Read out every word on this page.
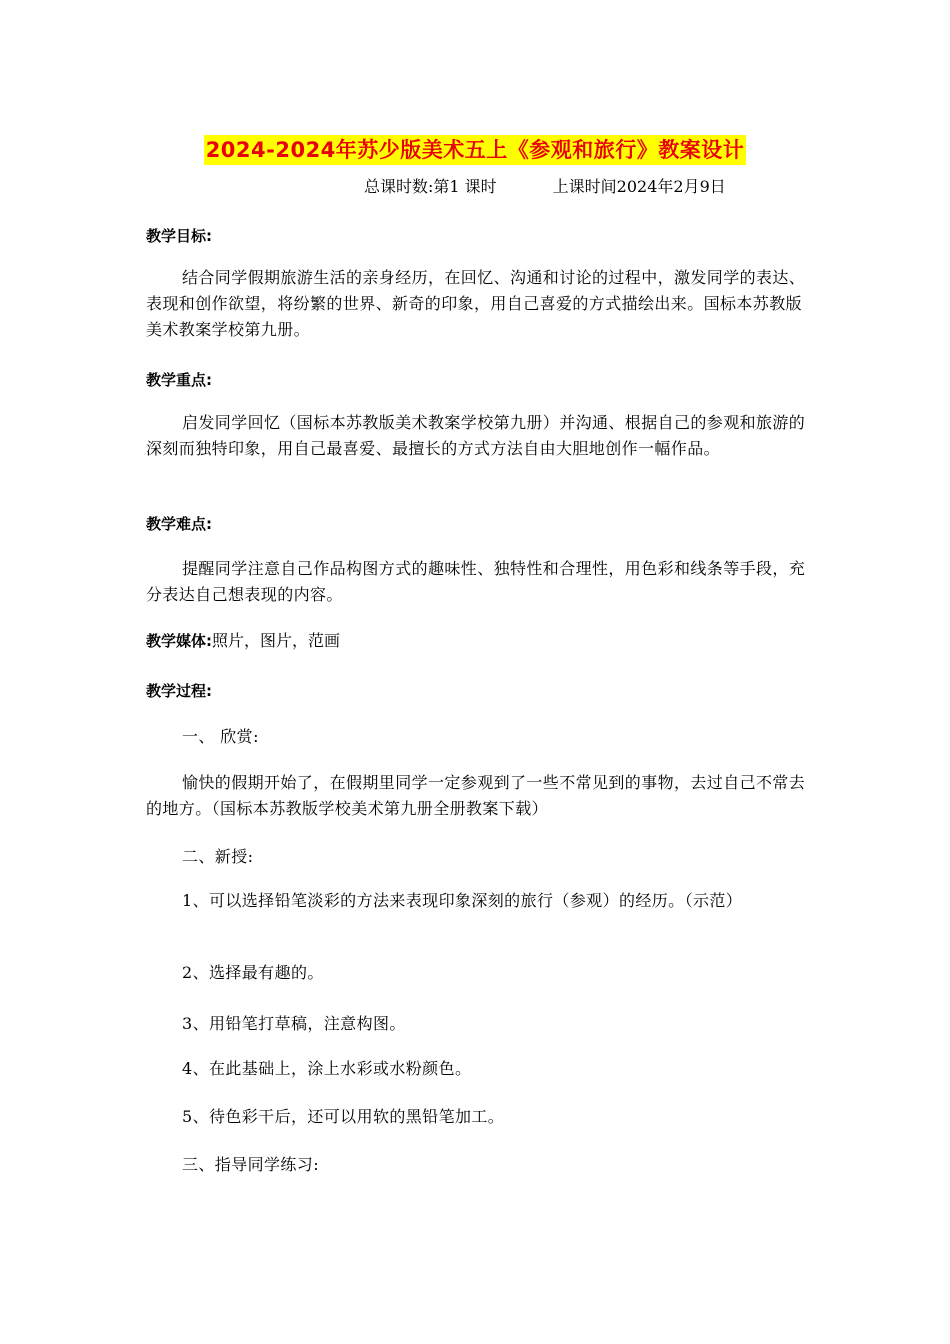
2024-2024年苏少版美术五上《参观和旅行》教案设计
总课时数:第1 课时	上课时间2024年2月9日
教学目标:
结合同学假期旅游生活的亲身经历，在回忆、沟通和讨论的过程中，激发同学的表达、表现和创作欲望，将纷繁的世界、新奇的印象，用自己喜爱的方式描绘出来。国标本苏教版美术教案学校第九册。
教学重点:
启发同学回忆（国标本苏教版美术教案学校第九册）并沟通、根据自己的参观和旅游的深刻而独特印象，用自己最喜爱、最擅长的方式方法自由大胆地创作一幅作品。
教学难点:
提醒同学注意自己作品构图方式的趣味性、独特性和合理性，用色彩和线条等手段，充分表达自己想表现的内容。
教学媒体:照片，图片，范画
教学过程:
一、 欣赏:
愉快的假期开始了，在假期里同学一定参观到了一些不常见到的事物，去过自己不常去的地方。（国标本苏教版学校美术第九册全册教案下载）
二、新授:
1、可以选择铅笔淡彩的方法来表现印象深刻的旅行（参观）的经历。（示范）
2、选择最有趣的。
3、用铅笔打草稿，注意构图。
4、在此基础上，涂上水彩或水粉颜色。
5、待色彩干后，还可以用软的黑铅笔加工。
三、指导同学练习:
